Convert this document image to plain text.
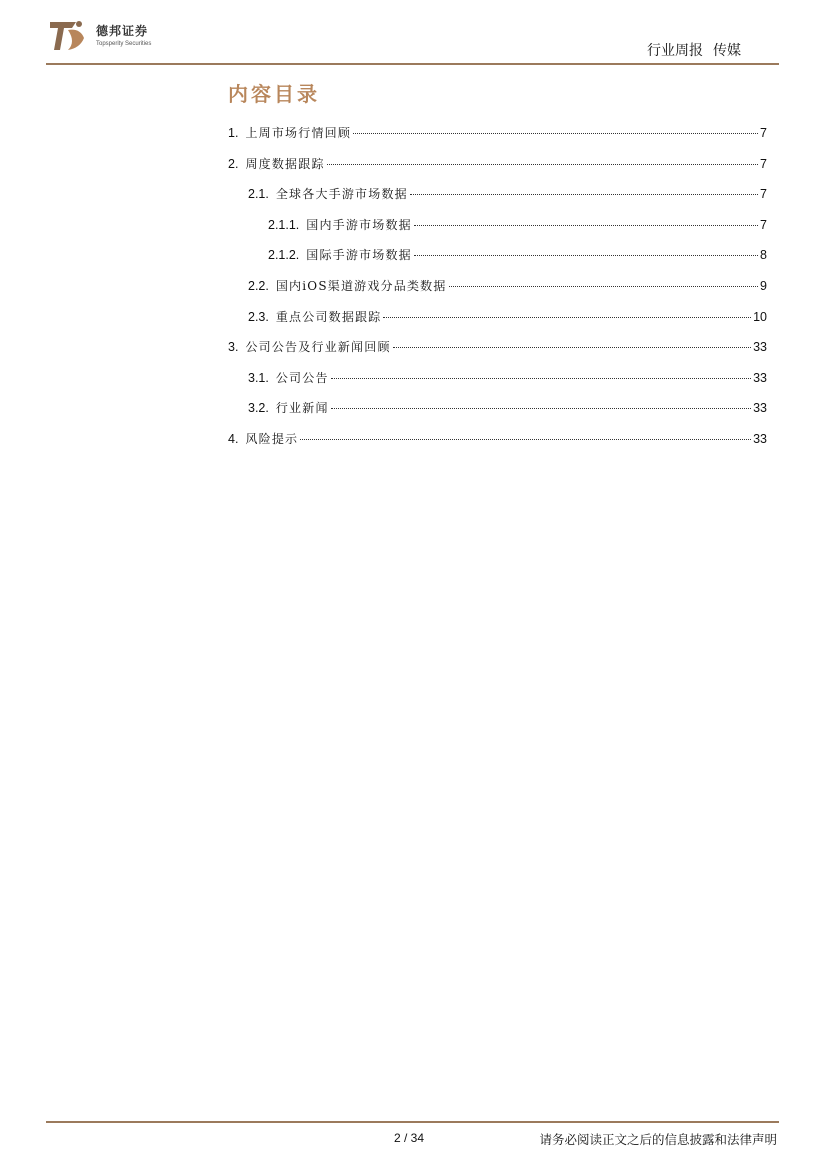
德邦证券
Topsperity Securities	行业周报 传媒
内容目录
1. 上周市场行情回顾	7
2. 周度数据跟踪	7
2.1. 全球各大手游市场数据	7
2.1.1. 国内手游市场数据	7
2.1.2. 国际手游市场数据	8
2.2. 国内iOS渠道游戏分品类数据	9
2.3. 重点公司数据跟踪	10
3. 公司公告及行业新闻回顾	33
3.1. 公司公告	33
3.2. 行业新闻	33
4. 风险提示	33
2 / 34	请务必阅读正文之后的信息披露和法律声明
